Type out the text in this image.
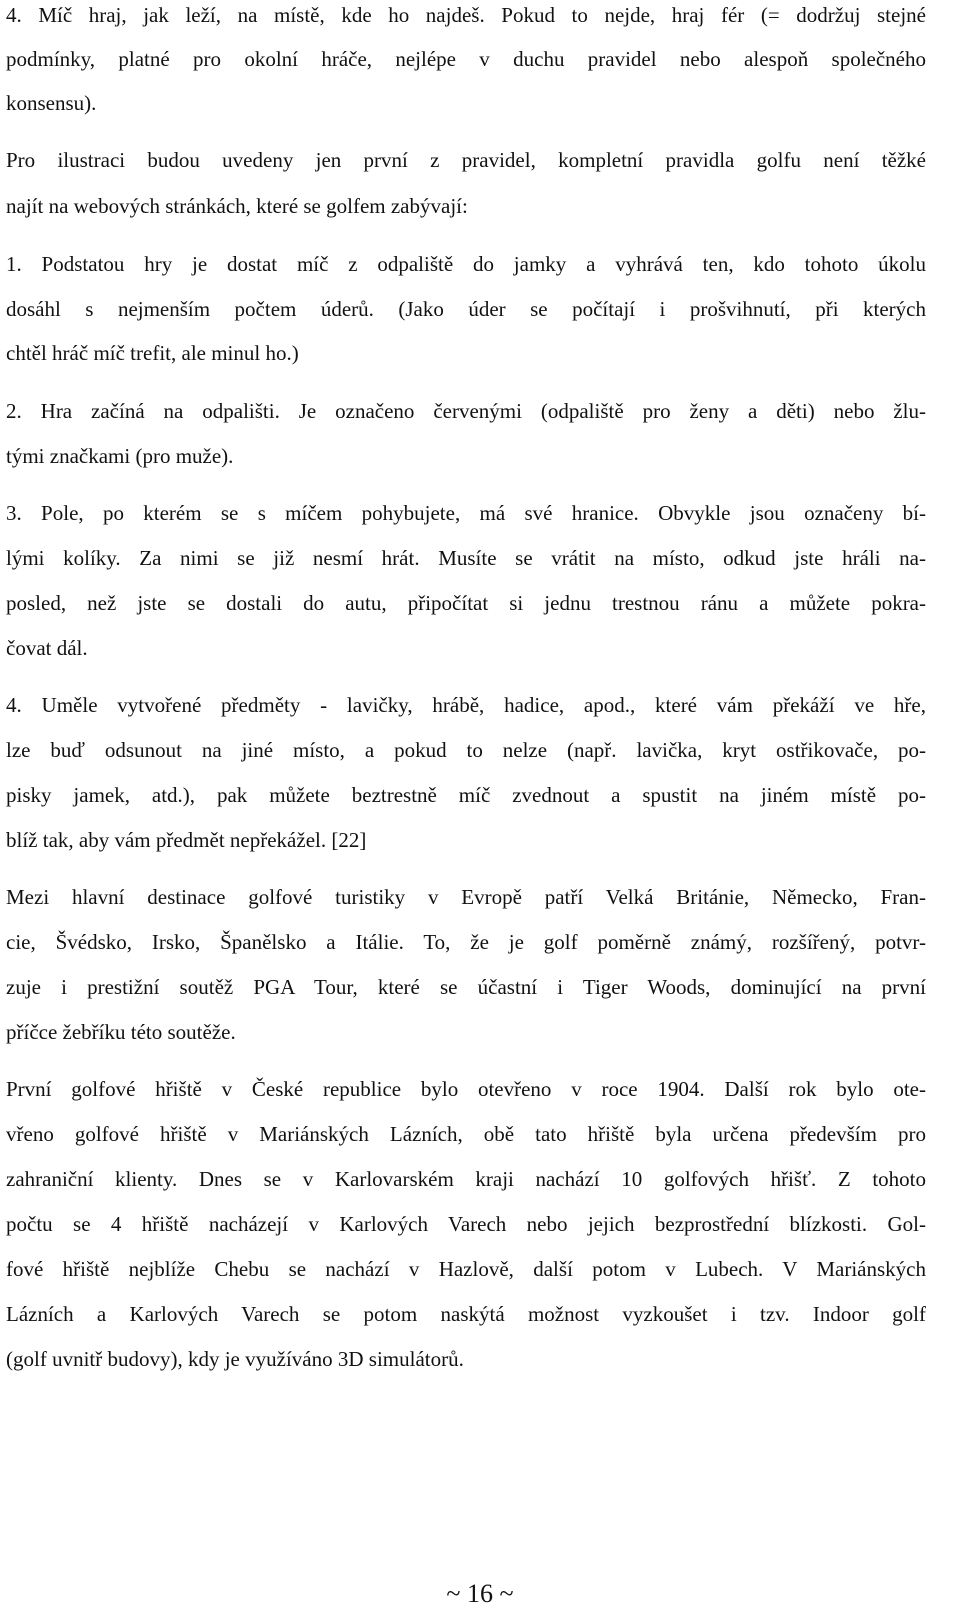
4. Míč hraj, jak leží, na místě, kde ho najdeš. Pokud to nejde, hraj fér (= dodržuj stejné
podmínky, platné pro okolní hráče, nejlépe v duchu pravidel nebo alespoň společného
konsensu).
Pro ilustraci budou uvedeny jen první z pravidel, kompletní pravidla golfu není těžké
najít na webových stránkách, které se golfem zabývají:
1. Podstatou hry je dostat míč z odpaliště do jamky a vyhrává ten, kdo tohoto úkolu
dosáhl s nejmenším počtem úderů. (Jako úder se počítají i prošvihnutí, při kterých
chtěl hráč míč trefit, ale minul ho.)
2. Hra začíná na odpališti. Je označeno červenými (odpaliště pro ženy a děti) nebo žlu-
tými značkami (pro muže).
3. Pole, po kterém se s míčem pohybujete, má své hranice. Obvykle jsou označeny bí-
lými kolíky. Za nimi se již nesmí hrát. Musíte se vrátit na místo, odkud jste hráli na-
posled, než jste se dostali do autu, připočítat si jednu trestnou ránu a můžete pokra-
čovat dál.
4. Uměle vytvořené předměty - lavičky, hrábě, hadice, apod., které vám překáží ve hře,
lze buď odsunout na jiné místo, a pokud to nelze (např. lavička, kryt ostřikovače, po-
pisky jamek, atd.), pak můžete beztrestně míč zvednout a spustit na jiném místě po-
blíž tak, aby vám předmět nepřekážel. [22]
Mezi hlavní destinace golfové turistiky v Evropě patří Velká Británie, Německo, Fran-
cie, Švédsko, Irsko, Španělsko a Itálie. To, že je golf poměrně známý, rozšířený, potvr-
zuje i prestižní soutěž PGA Tour, které se účastní i Tiger Woods, dominující na první
příčce žebříku této soutěže.
První golfové hřiště v České republice bylo otevřeno v roce 1904. Další rok bylo ote-
vřeno golfové hřiště v Mariánských Lázních, obě tato hřiště byla určena především pro
zahraniční klienty. Dnes se v Karlovarském kraji nachází 10 golfových hřišť. Z tohoto
počtu se 4 hřiště nacházejí v Karlových Varech nebo jejich bezprostřední blízkosti. Gol-
fové hřiště nejblíže Chebu se nachází v Hazlově, další potom v Lubech. V Mariánských
Lázních a Karlových Varech se potom naskýtá možnost vyzkoušet i tzv. Indoor golf
(golf uvnitř budovy), kdy je využíváno 3D simulátorů.
~ 16 ~
